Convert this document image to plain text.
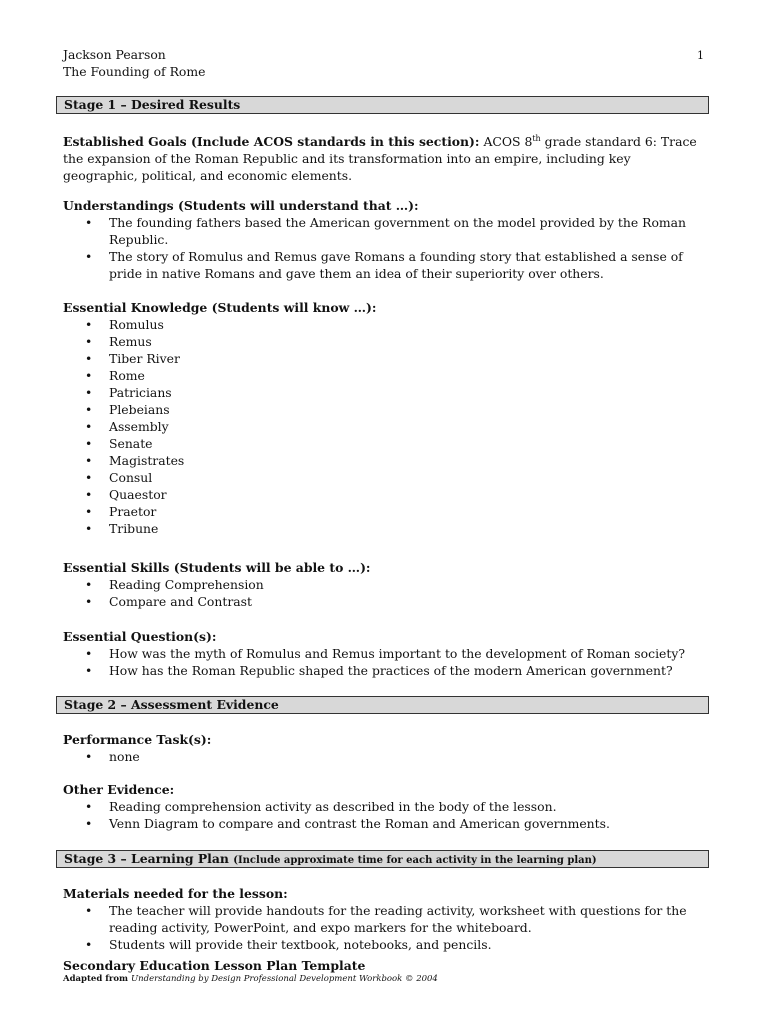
1
Jackson Pearson
The Founding of Rome
Stage 1 – Desired Results
Established Goals (Include ACOS standards in this section): ACOS 8th grade standard 6: Trace the expansion of the Roman Republic and its transformation into an empire, including key geographic, political, and economic elements.
Understandings (Students will understand that …):
• The founding fathers based the American government on the model provided by the Roman Republic.
• The story of Romulus and Remus gave Romans a founding story that established a sense of pride in native Romans and gave them an idea of their superiority over others.
Essential Knowledge (Students will know …):
• Romulus
• Remus
• Tiber River
• Rome
• Patricians
• Plebeians
• Assembly
• Senate
• Magistrates
• Consul
• Quaestor
• Praetor
• Tribune
Essential Skills (Students will be able to …):
• Reading Comprehension
• Compare and Contrast
Essential Question(s):
• How was the myth of Romulus and Remus important to the development of Roman society?
• How has the Roman Republic shaped the practices of the modern American government?
Stage 2 – Assessment Evidence
Performance Task(s):
• none
Other Evidence:
• Reading comprehension activity as described in the body of the lesson.
• Venn Diagram to compare and contrast the Roman and American governments.
Stage 3 – Learning Plan (Include approximate time for each activity in the learning plan)
Materials needed for the lesson:
• The teacher will provide handouts for the reading activity, worksheet with questions for the reading activity, PowerPoint, and expo markers for the whiteboard.
• Students will provide their textbook, notebooks, and pencils.
Secondary Education Lesson Plan Template
Adapted from Understanding by Design Professional Development Workbook © 2004
